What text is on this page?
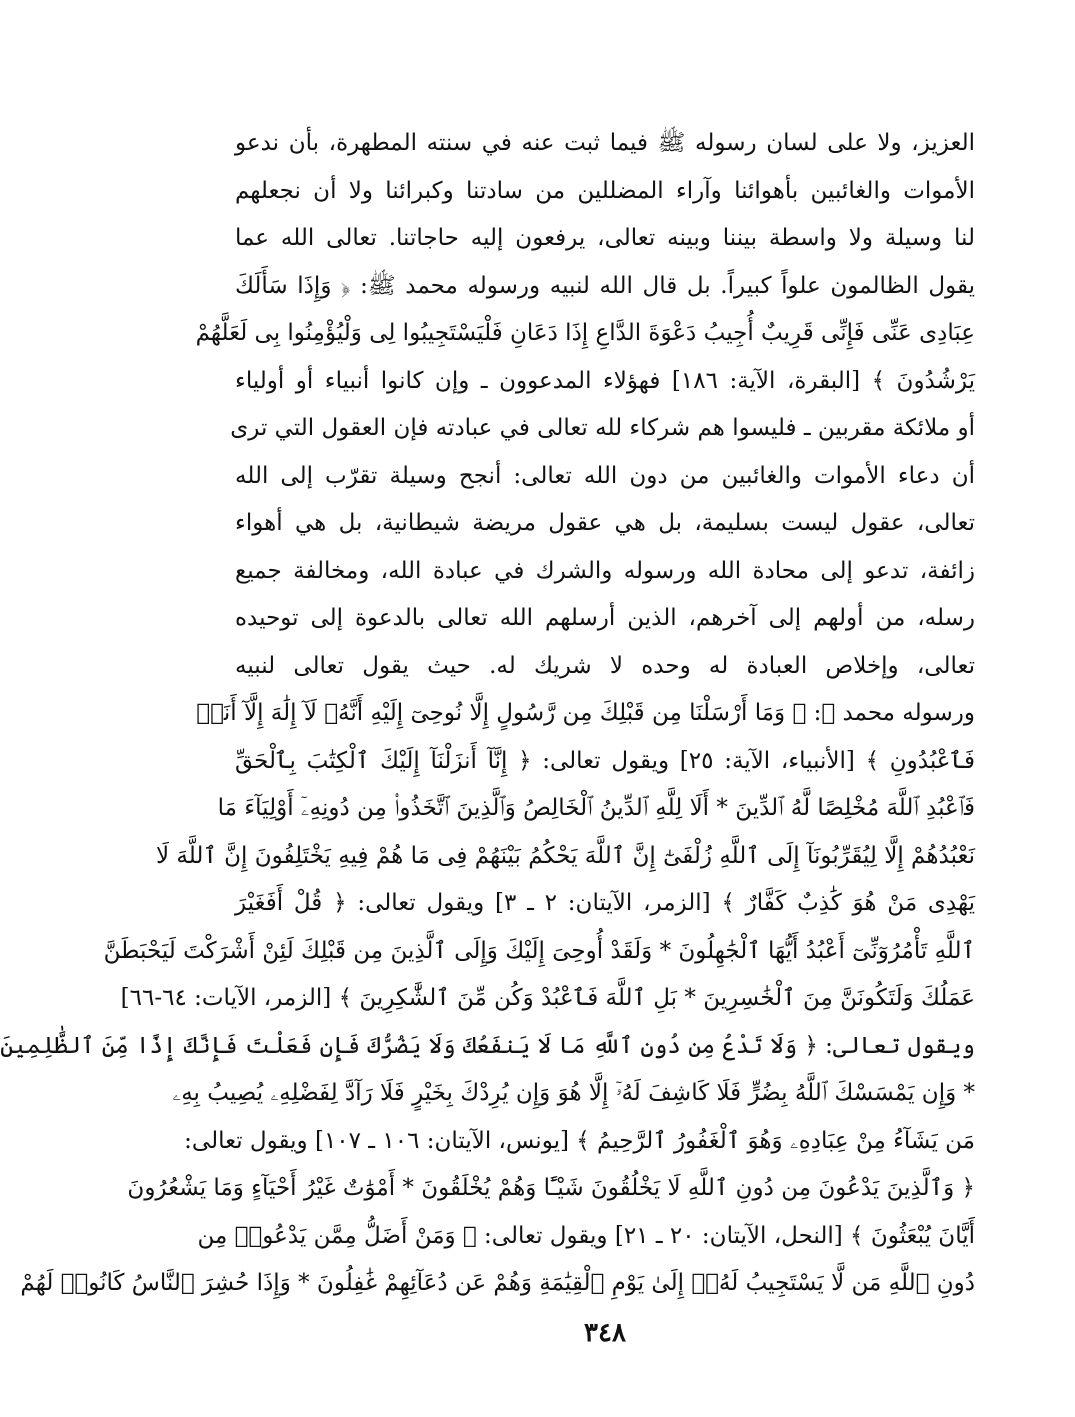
العزيز، ولا على لسان رسوله ﷺ فيما ثبت عنه في سنته المطهرة، بأن ندعو
الأموات والغائبين بأهوائنا وآراء المضللين من سادتنا وكبرائنا ولا أن نجعلهم
لنا وسيلة ولا واسطة بيننا وبينه تعالى، يرفعون إليه حاجاتنا. تعالى الله عما
يقول الظالمون علواً كبيراً. بل قال الله لنبيه ورسوله محمد ﷺ: ﴿ وَإِذَا سَأَلَكَ
عِبَادِى عَنِّى فَإِنِّى قَرِيبٌ أُجِيبُ دَعْوَةَ الدَّاعِ إِذَا دَعَانِ فَلْيَسْتَجِيبُوا لِى وَلْيُؤْمِنُوا بِى لَعَلَّهُمْ
يَرْشُدُونَ ﴾ [البقرة، الآية: ١٨٦] فهؤلاء المدعوون ـ وإن كانوا أنبياء أو أولياء
أو ملائكة مقربين ـ فليسوا هم شركاء لله تعالى في عبادته فإن العقول التي ترى
أن دعاء الأموات والغائبين من دون الله تعالى: أنجح وسيلة تقرّب إلى الله
تعالى، عقول ليست بسليمة، بل هي عقول مريضة شيطانية، بل هي أهواء
زائفة، تدعو إلى محادة الله ورسوله والشرك في عبادة الله، ومخالفة جميع
رسله، من أولهم إلى آخرهم، الذين أرسلهم الله تعالى بالدعوة إلى توحيده
تعالى، وإخلاص العبادة له وحده لا شريك له. حيث يقول تعالى لنبيه
ورسوله محمد ﷺ: ﴿ وَمَا أَرْسَلْنَا مِن قَبْلِكَ مِن رَّسُولٍ إِلَّا نُوحِىٓ إِلَيْهِ أَنَّهُۥ لَآ إِلَٰهَ إِلَّآ أَنَا۠
فَٱعْبُدُونِ ﴾ [الأنبياء، الآية: ٢٥] ويقول تعالى: ﴿ إِنَّآ أَنزَلْنَآ إِلَيْكَ ٱلْكِتَٰبَ بِٱلْحَقِّ
فَٱعْبُدِ ٱللَّهَ مُخْلِصًا لَّهُ ٱلدِّينَ * أَلَا لِلَّهِ ٱلدِّينُ ٱلْخَالِصُ وَٱلَّذِينَ ٱتَّخَذُوا۟ مِن دُونِهِۦٓ أَوْلِيَآءَ مَا
نَعْبُدُهُمْ إِلَّا لِيُقَرِّبُونَآ إِلَى ٱللَّهِ زُلْفَىٰٓ إِنَّ ٱللَّهَ يَحْكُمُ بَيْنَهُمْ فِى مَا هُمْ فِيهِ يَخْتَلِفُونَ إِنَّ ٱللَّهَ لَا
يَهْدِى مَنْ هُوَ كَٰذِبٌ كَفَّارٌ ﴾ [الزمر، الآيتان: ٢ ـ ٣] ويقول تعالى: ﴿ قُلْ أَفَغَيْرَ
ٱللَّهِ تَأْمُرُوٓنِّىٓ أَعْبُدُ أَيُّهَا ٱلْجَٰهِلُونَ * وَلَقَدْ أُوحِىَ إِلَيْكَ وَإِلَى ٱلَّذِينَ مِن قَبْلِكَ لَئِنْ أَشْرَكْتَ لَيَحْبَطَنَّ
عَمَلُكَ وَلَتَكُونَنَّ مِنَ ٱلْخَٰسِرِينَ * بَلِ ٱللَّهَ فَٱعْبُدْ وَكُن مِّنَ ٱلشَّٰكِرِينَ ﴾ [الزمر، الآيات: ٦٤-٦٦]
ويقول تعالى: ﴿ وَلَا تَدْعُ مِن دُونِ ٱللَّهِ مَا لَا يَنفَعُكَ وَلَا يَضُرُّكَ فَإِن فَعَلْتَ فَإِنَّكَ إِذًا مِّنَ ٱلظَّٰلِمِينَ
* وَإِن يَمْسَسْكَ ٱللَّهُ بِضُرٍّ فَلَا كَاشِفَ لَهُۥٓ إِلَّا هُوَ وَإِن يُرِدْكَ بِخَيْرٍ فَلَا رَآدَّ لِفَضْلِهِۦ يُصِيبُ بِهِۦ
مَن يَشَآءُ مِنْ عِبَادِهِۦ وَهُوَ ٱلْغَفُورُ ٱلرَّحِيمُ ﴾ [يونس، الآيتان: ١٠٦ ـ ١٠٧] ويقول تعالى:
﴿ وَٱلَّذِينَ يَدْعُونَ مِن دُونِ ٱللَّهِ لَا يَخْلُقُونَ شَيْـًٔا وَهُمْ يُخْلَقُونَ * أَمْوَٰتٌ غَيْرُ أَحْيَآءٍ وَمَا يَشْعُرُونَ
أَيَّانَ يُبْعَثُونَ ﴾ [النحل، الآيتان: ٢٠ ـ ٢١] ويقول تعالى: ﴿ وَمَنْ أَضَلُّ مِمَّن يَدْعُوا۟ مِن
دُونِ ٱللَّهِ مَن لَّا يَسْتَجِيبُ لَهُۥٓ إِلَىٰ يَوْمِ ٱلْقِيَٰمَةِ وَهُمْ عَن دُعَآئِهِمْ غَٰفِلُونَ * وَإِذَا حُشِرَ ٱلنَّاسُ كَانُوا۟ لَهُمْ
٣٤٨
